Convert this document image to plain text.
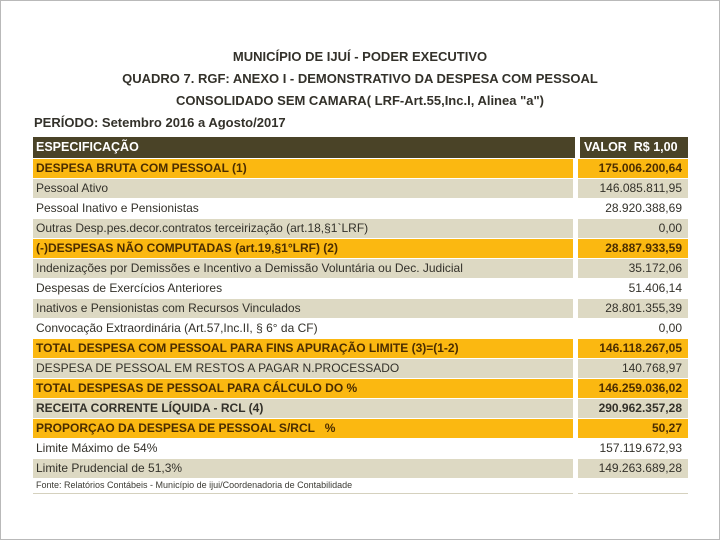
MUNICÍPIO DE IJUÍ - PODER EXECUTIVO
QUADRO 7. RGF: ANEXO I - DEMONSTRATIVO DA DESPESA COM PESSOAL
CONSOLIDADO SEM CAMARA( LRF-Art.55,Inc.I, Alinea "a")
PERÍODO: Setembro 2016 a Agosto/2017
ESPECIFICAÇÃO	VALOR  R$ 1,00
DESPESA BRUTA COM PESSOAL (1)	175.006.200,64
Pessoal Ativo	146.085.811,95
Pessoal Inativo e Pensionistas	28.920.388,69
Outras Desp.pes.decor.contratos terceirização (art.18,§1`LRF)	0,00
(-)DESPESAS NÃO COMPUTADAS (art.19,§1°LRF) (2)	28.887.933,59
Indenizações por Demissões e Incentivo a Demissão Voluntária ou Dec. Judicial	35.172,06
Despesas de Exercícios Anteriores	51.406,14
Inativos e Pensionistas com Recursos Vinculados	28.801.355,39
Convocação Extraordinária (Art.57,Inc.II, § 6° da CF)	0,00
TOTAL DESPESA COM PESSOAL PARA FINS APURAÇÃO LIMITE (3)=(1-2)	146.118.267,05
DESPESA DE PESSOAL EM RESTOS A PAGAR N.PROCESSADO	140.768,97
TOTAL DESPESAS DE PESSOAL PARA CÁLCULO DO %	146.259.036,02
RECEITA CORRENTE LÍQUIDA - RCL (4)	290.962.357,28
PROPORÇAO DA DESPESA DE PESSOAL S/RCL   %	50,27
Limite Máximo de 54%	157.119.672,93
Limite Prudencial de 51,3%	149.263.689,28
Fonte: Relatórios Contábeis - Município de ijui/Coordenadoria de Contabilidade
